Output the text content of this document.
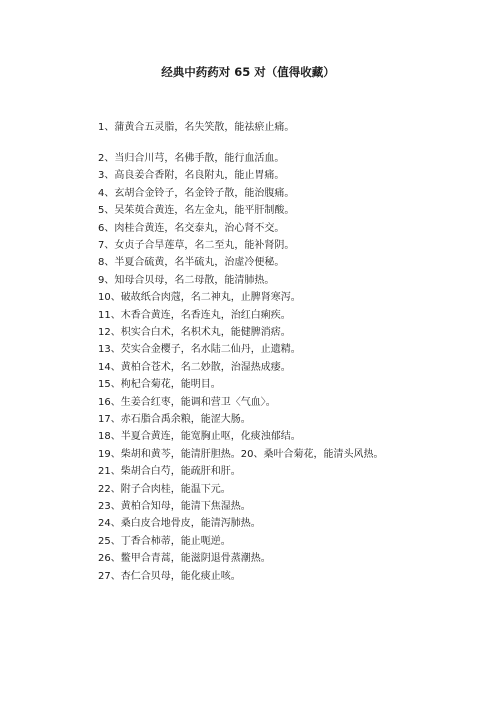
经典中药药对 65 对（值得收藏）
1、蒲黄合五灵脂，名失笑散，能祛瘀止痛。
2、当归合川芎，名佛手散，能行血活血。
3、高良姜合香附，名良附丸，能止胃痛。
4、玄胡合金铃子，名金铃子散，能治腹痛。
5、吴茱萸合黄连，名左金丸，能平肝制酸。
6、肉桂合黄连，名交泰丸，治心肾不交。
7、女贞子合旱莲草，名二至丸，能补肾阴。
8、半夏合硫黄，名半硫丸，治虚冷便秘。
9、知母合贝母，名二母散，能清肺热。
10、破故纸合肉蔻，名二神丸，止脾肾寒泻。
11、木香合黄连，名香连丸，治红白痢疾。
12、枳实合白术，名枳术丸，能健脾消痞。
13、芡实合金樱子，名水陆二仙丹，止遗精。
14、黄柏合苍术，名二妙散，治湿热成痿。
15、枸杞合菊花，能明目。
16、生姜合红枣，能调和营卫〈气血〉。
17、赤石脂合禹余粮，能涩大肠。
18、半夏合黄连，能宽胸止呕，化痰浊郁结。
19、柴胡和黄芩，能清肝胆热。20、桑叶合菊花，能清头风热。
21、柴胡合白芍，能疏肝和肝。
22、附子合肉桂，能温下元。
23、黄柏合知母，能清下焦湿热。
24、桑白皮合地骨皮，能清泻肺热。
25、丁香合柿蒂，能止呃逆。
26、鳖甲合青蒿，能滋阴退骨蒸潮热。
27、杏仁合贝母，能化痰止咳。
